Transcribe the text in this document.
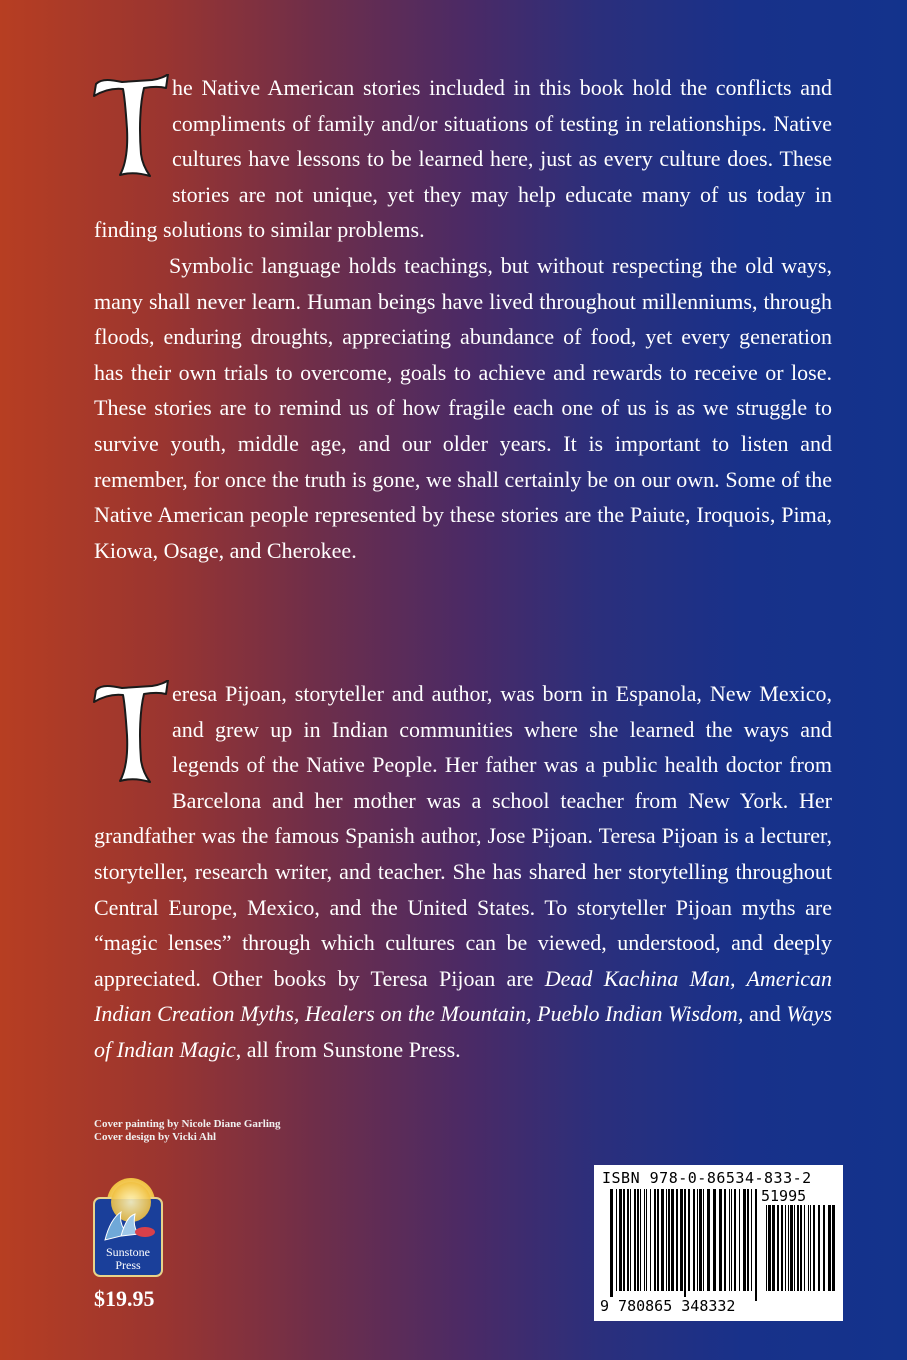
he Native American stories included in this book hold the conflicts and compliments of family and/or situations of testing in relationships. Native cultures have lessons to be learned here, just as every culture does. These stories are not unique, yet they may help educate many of us today in finding solutions to similar problems.
Symbolic language holds teachings, but without respecting the old ways, many shall never learn. Human beings have lived throughout millenniums, through floods, enduring droughts, appreciating abundance of food, yet every generation has their own trials to overcome, goals to achieve and rewards to receive or lose. These stories are to remind us of how fragile each one of us is as we struggle to survive youth, middle age, and our older years. It is important to listen and remember, for once the truth is gone, we shall certainly be on our own. Some of the Native American people represented by these stories are the Paiute, Iroquois, Pima, Kiowa, Osage, and Cherokee.

eresa Pijoan, storyteller and author, was born in Espanola, New Mexico, and grew up in Indian communities where she learned the ways and legends of the Native People. Her father was a public health doctor from Barcelona and her mother was a school teacher from New York. Her grandfather was the famous Spanish author, Jose Pijoan. Teresa Pijoan is a lecturer, storyteller, research writer, and teacher. She has shared her storytelling throughout Central Europe, Mexico, and the United States. To storyteller Pijoan myths are “magic lenses” through which cultures can be viewed, understood, and deeply appreciated. Other books by Teresa Pijoan are Dead Kachina Man, American Indian Creation Myths, Healers on the Mountain, Pueblo Indian Wisdom, and Ways of Indian Magic, all from Sunstone Press.

Cover painting by Nicole Diane Garling
Cover design by Vicki Ahl
Sunstone
Press
$19.95
ISBN 978-0-86534-833-2
51995
9 780865 348332
